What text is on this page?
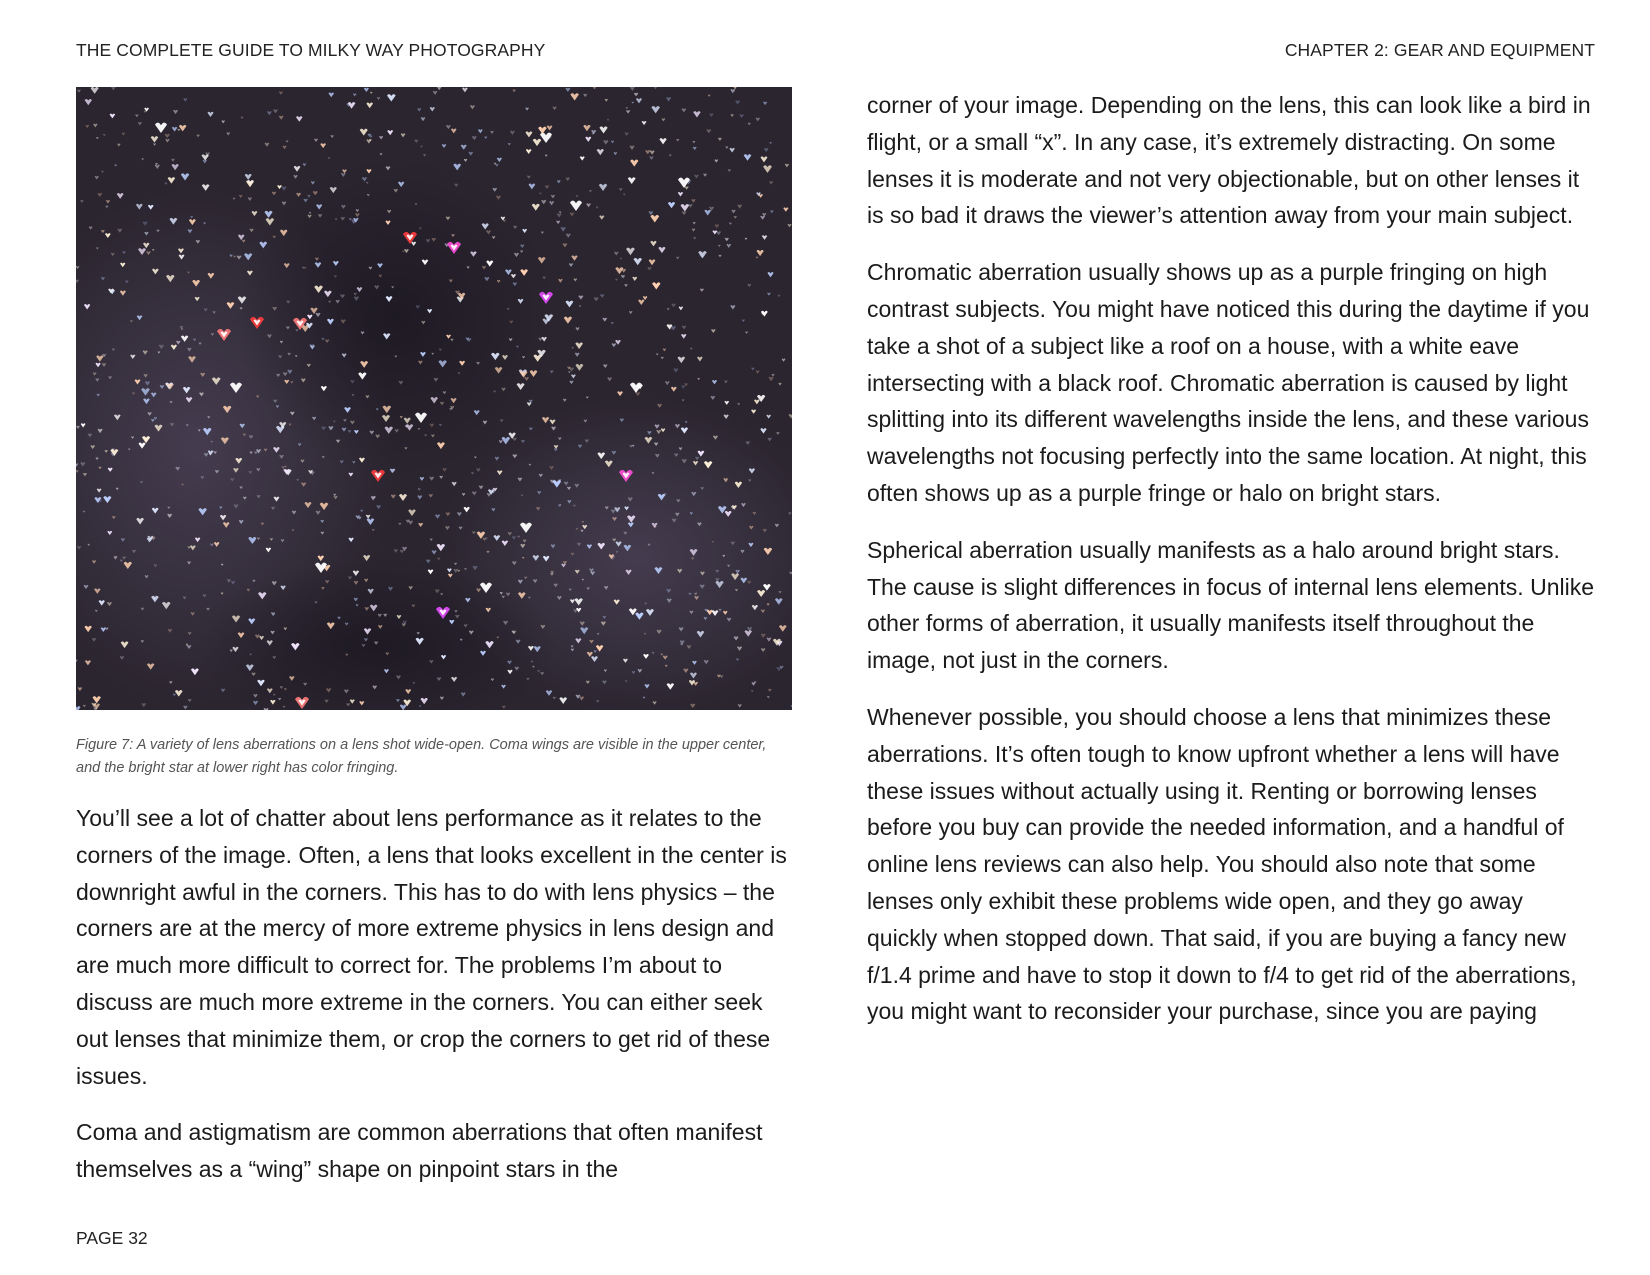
THE COMPLETE GUIDE TO MILKY WAY PHOTOGRAPHY	CHAPTER 2: GEAR AND EQUIPMENT
Figure 7: A variety of lens aberrations on a lens shot wide-open. Coma wings are visible in the upper center, and the bright star at lower right has color fringing.

You’ll see a lot of chatter about lens performance as it relates to the corners of the image. Often, a lens that looks excellent in the center is downright awful in the corners. This has to do with lens physics – the corners are at the mercy of more extreme physics in lens design and are much more difficult to correct for. The problems I’m about to discuss are much more extreme in the corners. You can either seek out lenses that minimize them, or crop the corners to get rid of these issues.

Coma and astigmatism are common aberrations that often manifest themselves as a “wing” shape on pinpoint stars in the

corner of your image. Depending on the lens, this can look like a bird in flight, or a small “x”. In any case, it’s extremely distracting. On some lenses it is moderate and not very objectionable, but on other lenses it is so bad it draws the viewer’s attention away from your main subject.

Chromatic aberration usually shows up as a purple fringing on high contrast subjects. You might have noticed this during the daytime if you take a shot of a subject like a roof on a house, with a white eave intersecting with a black roof. Chromatic aberration is caused by light splitting into its different wavelengths inside the lens, and these various wavelengths not focusing perfectly into the same location. At night, this often shows up as a purple fringe or halo on bright stars.

Spherical aberration usually manifests as a halo around bright stars. The cause is slight differences in focus of internal lens elements. Unlike other forms of aberration, it usually manifests itself throughout the image, not just in the corners.

Whenever possible, you should choose a lens that minimizes these aberrations. It’s often tough to know upfront whether a lens will have these issues without actually using it. Renting or borrowing lenses before you buy can provide the needed information, and a handful of online lens reviews can also help. You should also note that some lenses only exhibit these problems wide open, and they go away quickly when stopped down. That said, if you are buying a fancy new f/1.4 prime and have to stop it down to f/4 to get rid of the aberrations, you might want to reconsider your purchase, since you are paying

PAGE 32
